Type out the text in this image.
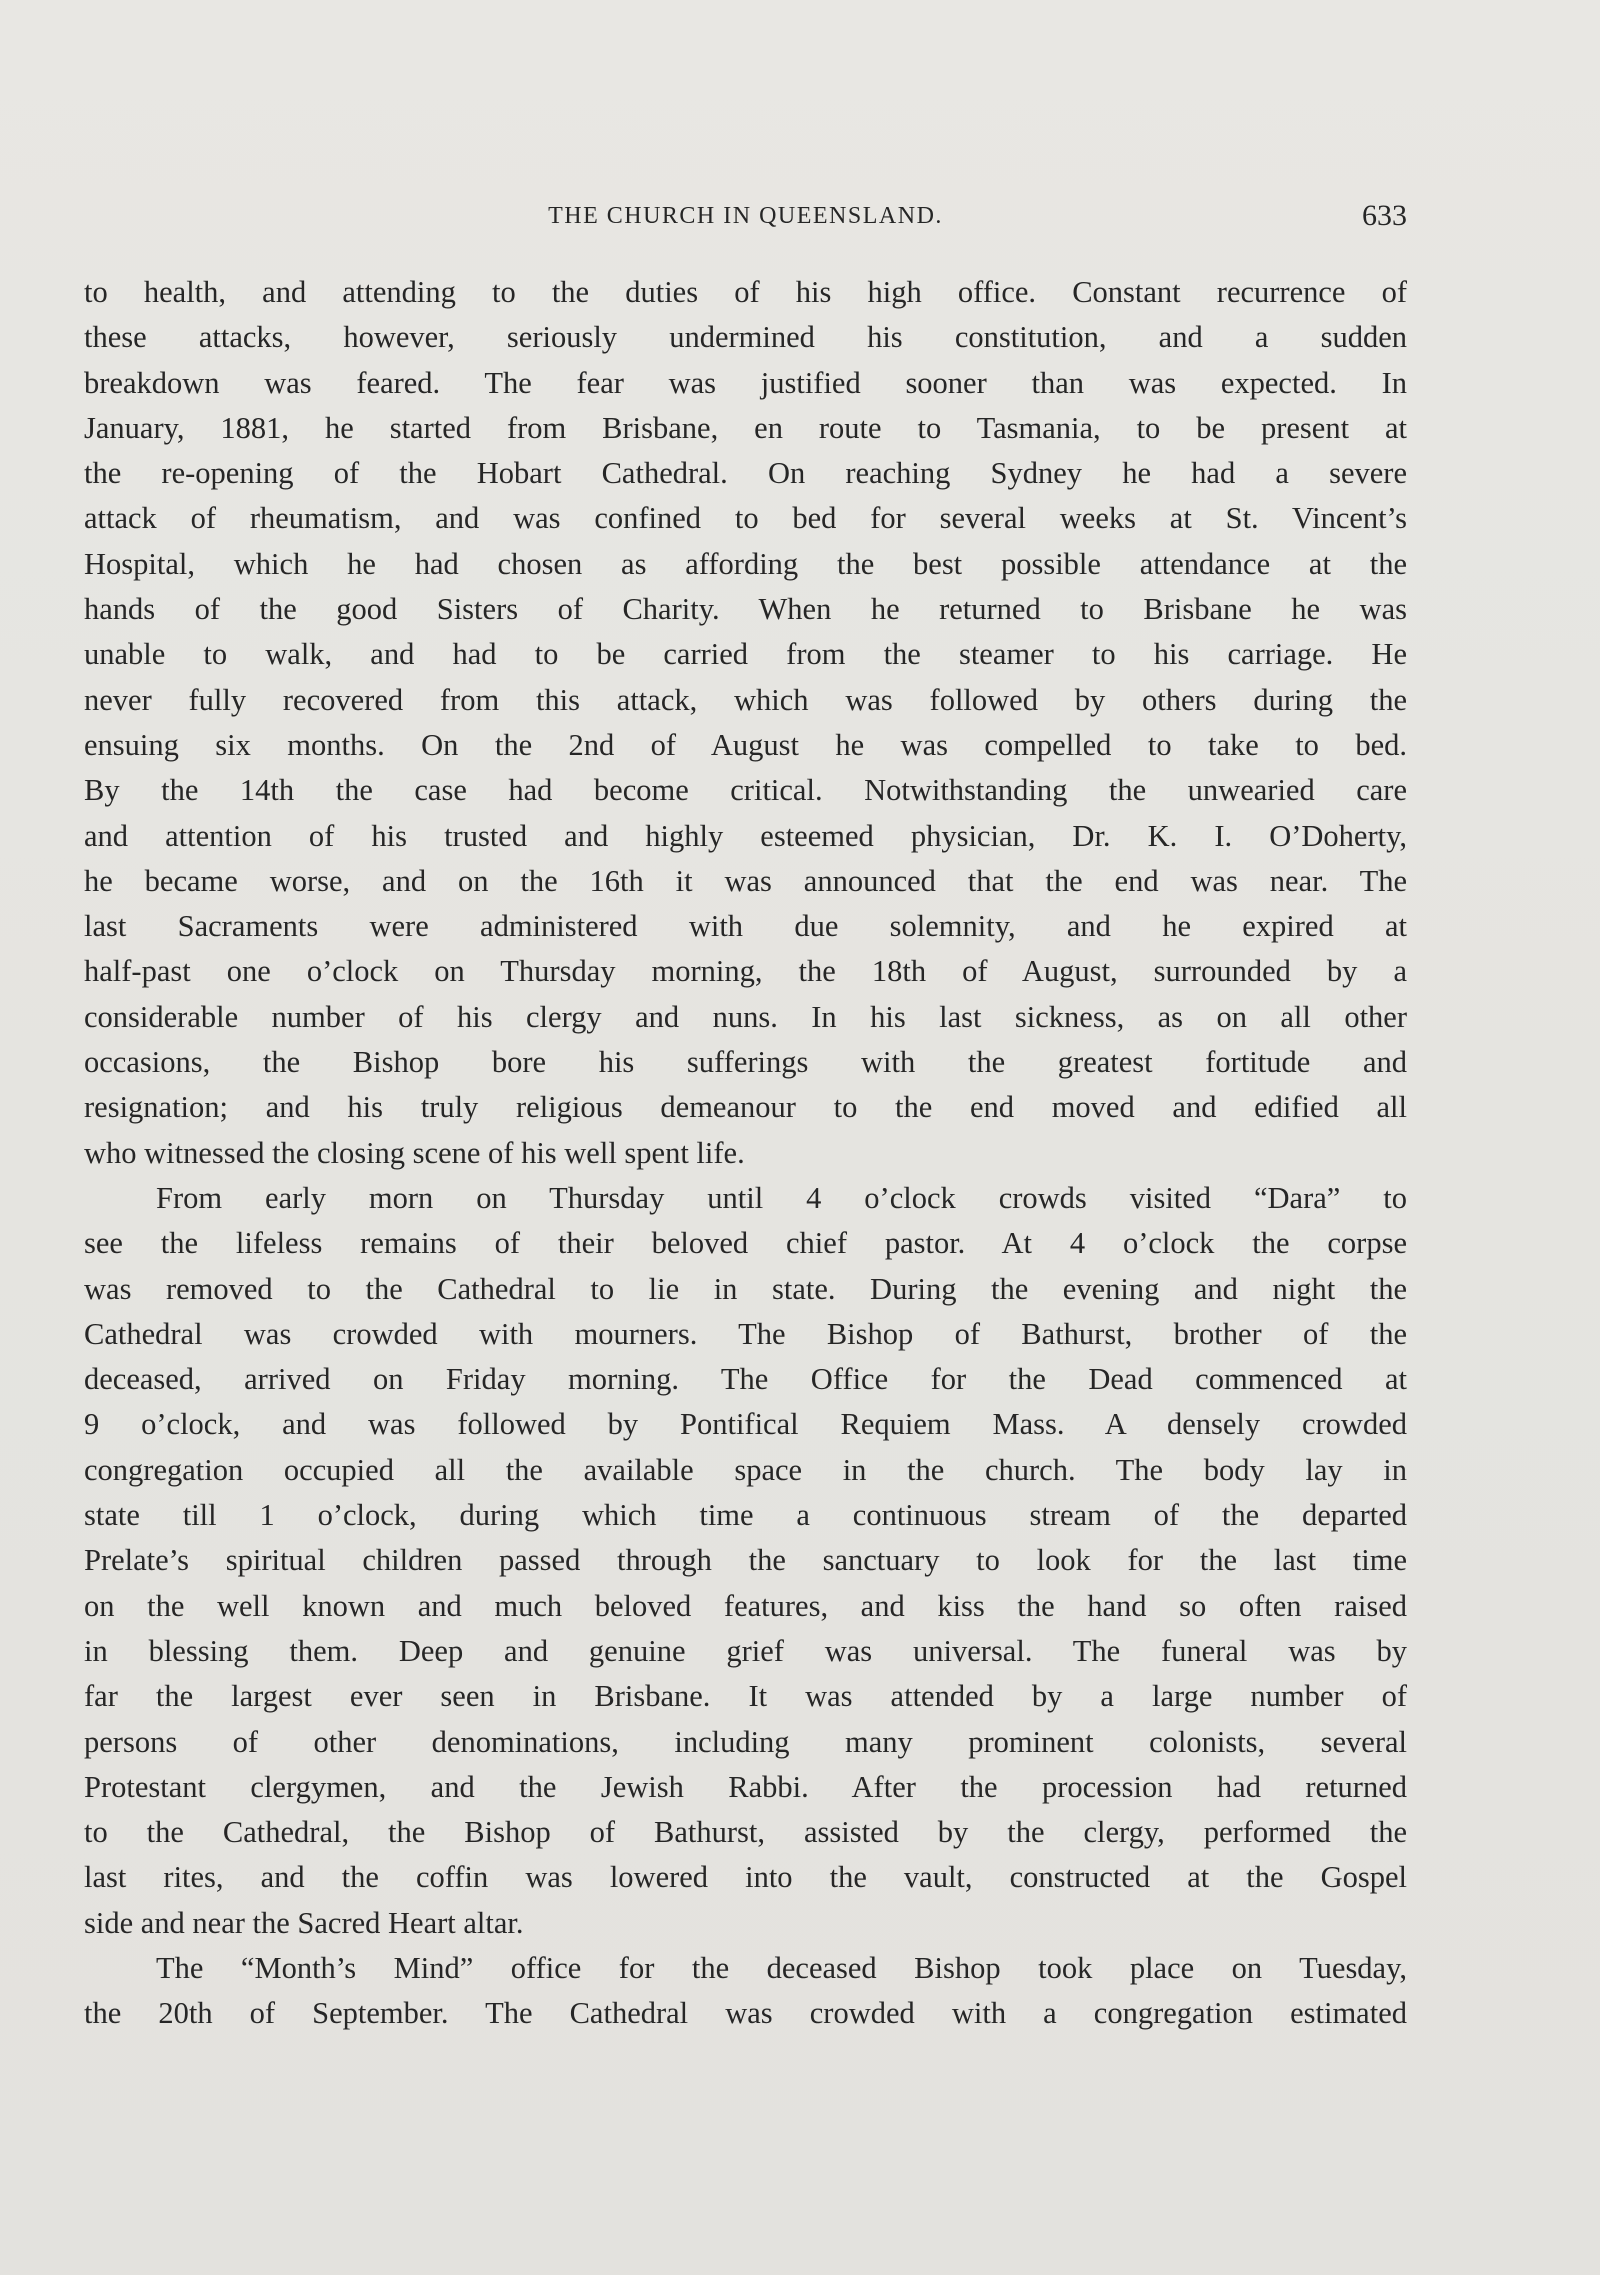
THE CHURCH IN QUEENSLAND.	633
to health, and attending to the duties of his high office. Constant recurrence of
these attacks, however, seriously undermined his constitution, and a sudden
breakdown was feared. The fear was justified sooner than was expected. In
January, 1881, he started from Brisbane, en route to Tasmania, to be present at
the re-opening of the Hobart Cathedral. On reaching Sydney he had a severe
attack of rheumatism, and was confined to bed for several weeks at St. Vincent’s
Hospital, which he had chosen as affording the best possible attendance at the
hands of the good Sisters of Charity. When he returned to Brisbane he was
unable to walk, and had to be carried from the steamer to his carriage. He
never fully recovered from this attack, which was followed by others during the
ensuing six months. On the 2nd of August he was compelled to take to bed.
By the 14th the case had become critical. Notwithstanding the unwearied care
and attention of his trusted and highly esteemed physician, Dr. K. I. O’Doherty,
he became worse, and on the 16th it was announced that the end was near. The
last Sacraments were administered with due solemnity, and he expired at
half-past one o’clock on Thursday morning, the 18th of August, surrounded by a
considerable number of his clergy and nuns. In his last sickness, as on all other
occasions, the Bishop bore his sufferings with the greatest fortitude and
resignation; and his truly religious demeanour to the end moved and edified all
who witnessed the closing scene of his well spent life.
From early morn on Thursday until 4 o’clock crowds visited “Dara” to
see the lifeless remains of their beloved chief pastor. At 4 o’clock the corpse
was removed to the Cathedral to lie in state. During the evening and night the
Cathedral was crowded with mourners. The Bishop of Bathurst, brother of the
deceased, arrived on Friday morning. The Office for the Dead commenced at
9 o’clock, and was followed by Pontifical Requiem Mass. A densely crowded
congregation occupied all the available space in the church. The body lay in
state till 1 o’clock, during which time a continuous stream of the departed
Prelate’s spiritual children passed through the sanctuary to look for the last time
on the well known and much beloved features, and kiss the hand so often raised
in blessing them. Deep and genuine grief was universal. The funeral was by
far the largest ever seen in Brisbane. It was attended by a large number of
persons of other denominations, including many prominent colonists, several
Protestant clergymen, and the Jewish Rabbi. After the procession had returned
to the Cathedral, the Bishop of Bathurst, assisted by the clergy, performed the
last rites, and the coffin was lowered into the vault, constructed at the Gospel
side and near the Sacred Heart altar.
The “Month’s Mind” office for the deceased Bishop took place on Tuesday,
the 20th of September. The Cathedral was crowded with a congregation estimated
